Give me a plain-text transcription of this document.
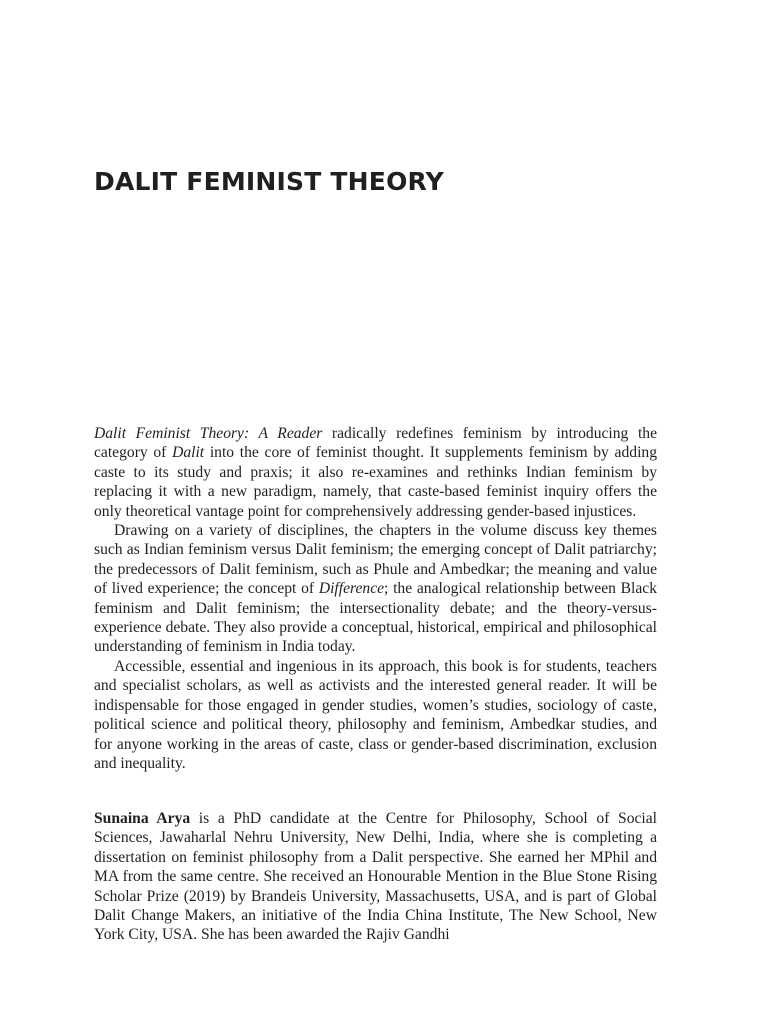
DALIT FEMINIST THEORY

Dalit Feminist Theory: A Reader radically redefines feminism by introducing the category of Dalit into the core of feminist thought. It supplements feminism by adding caste to its study and praxis; it also re-examines and rethinks Indian feminism by replacing it with a new paradigm, namely, that caste-based feminist inquiry offers the only theoretical vantage point for comprehensively addressing gender-based injustices.

Drawing on a variety of disciplines, the chapters in the volume discuss key themes such as Indian feminism versus Dalit feminism; the emerging concept of Dalit patriarchy; the predecessors of Dalit feminism, such as Phule and Ambedkar; the meaning and value of lived experience; the concept of Difference; the analogical relationship between Black feminism and Dalit feminism; the intersectionality debate; and the theory-versus-experience debate. They also provide a conceptual, historical, empirical and philosophical understanding of feminism in India today.

Accessible, essential and ingenious in its approach, this book is for students, teachers and specialist scholars, as well as activists and the interested general reader. It will be indispensable for those engaged in gender studies, women’s studies, sociology of caste, political science and political theory, philosophy and feminism, Ambedkar studies, and for anyone working in the areas of caste, class or gender-based discrimination, exclusion and inequality.

Sunaina Arya is a PhD candidate at the Centre for Philosophy, School of Social Sciences, Jawaharlal Nehru University, New Delhi, India, where she is completing a dissertation on feminist philosophy from a Dalit perspective. She earned her MPhil and MA from the same centre. She received an Honourable Mention in the Blue Stone Rising Scholar Prize (2019) by Brandeis University, Massachusetts, USA, and is part of Global Dalit Change Makers, an initiative of the India China Institute, The New School, New York City, USA. She has been awarded the Rajiv Gandhi
